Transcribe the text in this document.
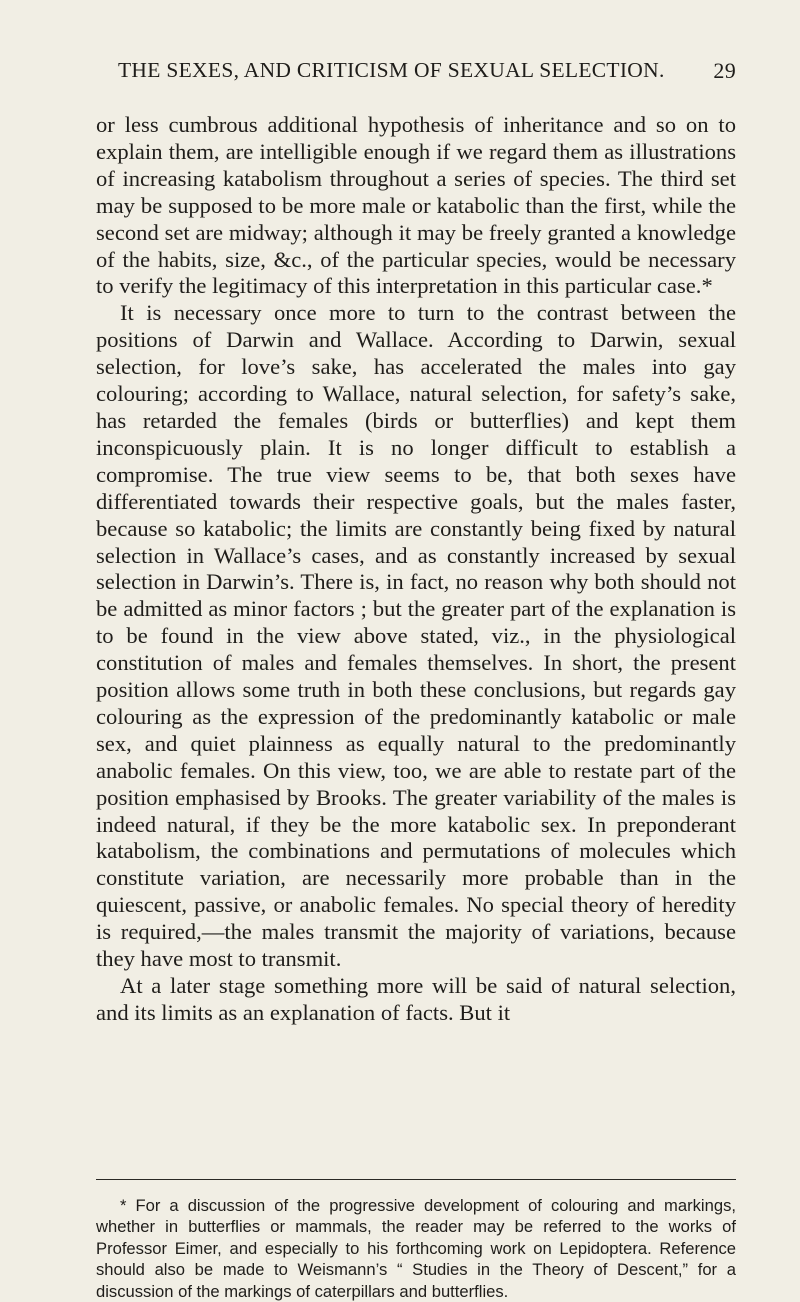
THE SEXES, AND CRITICISM OF SEXUAL SELECTION. 29

or less cumbrous additional hypothesis of inheritance and so on to explain them, are intelligible enough if we regard them as illustrations of increasing katabolism throughout a series of species. The third set may be supposed to be more male or katabolic than the first, while the second set are midway; although it may be freely granted a knowledge of the habits, size, &c., of the particular species, would be necessary to verify the legitimacy of this interpretation in this particular case.*

It is necessary once more to turn to the contrast between the positions of Darwin and Wallace. According to Darwin, sexual selection, for love’s sake, has accelerated the males into gay colouring; according to Wallace, natural selection, for safety’s sake, has retarded the females (birds or butterflies) and kept them inconspicuously plain. It is no longer difficult to establish a compromise. The true view seems to be, that both sexes have differentiated towards their respective goals, but the males faster, because so katabolic; the limits are constantly being fixed by natural selection in Wallace’s cases, and as constantly increased by sexual selection in Darwin’s. There is, in fact, no reason why both should not be admitted as minor factors ; but the greater part of the explanation is to be found in the view above stated, viz., in the physiological constitution of males and females themselves. In short, the present position allows some truth in both these conclusions, but regards gay colouring as the expression of the predominantly katabolic or male sex, and quiet plainness as equally natural to the predominantly anabolic females. On this view, too, we are able to restate part of the position emphasised by Brooks. The greater variability of the males is indeed natural, if they be the more katabolic sex. In preponderant katabolism, the combinations and permutations of molecules which constitute variation, are necessarily more probable than in the quiescent, passive, or anabolic females. No special theory of heredity is required,—the males transmit the majority of variations, because they have most to transmit.

At a later stage something more will be said of natural selection, and its limits as an explanation of facts. But it

* For a discussion of the progressive development of colouring and markings, whether in butterflies or mammals, the reader may be referred to the works of Professor Eimer, and especially to his forthcoming work on Lepidoptera. Reference should also be made to Weismann’s “ Studies in the Theory of Descent,” for a discussion of the markings of caterpillars and butterflies.
